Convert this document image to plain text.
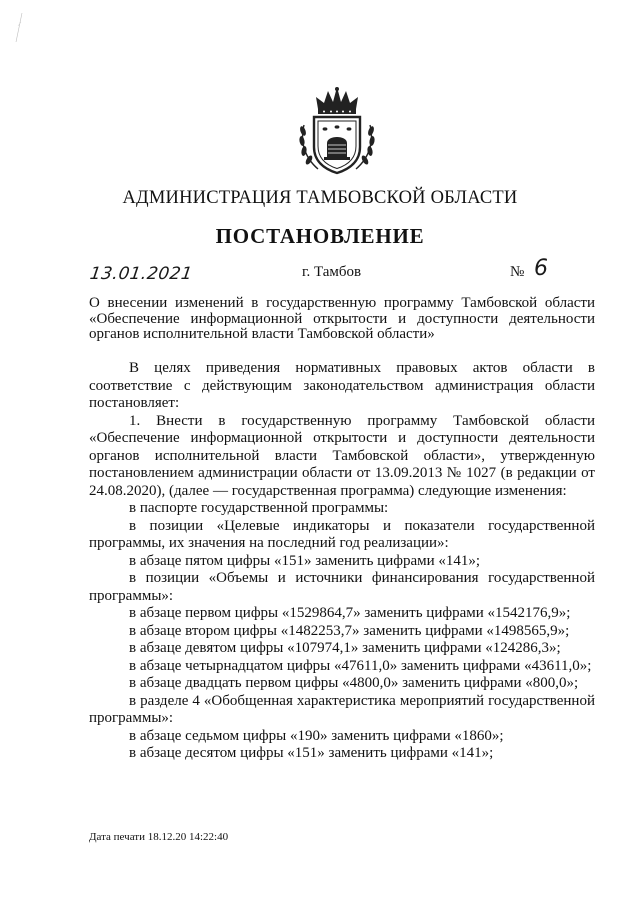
АДМИНИСТРАЦИЯ ТАМБОВСКОЙ ОБЛАСТИ
ПОСТАНОВЛЕНИЕ
13.01.2021	г. Тамбов	№ 6
О внесении изменений в государственную программу Тамбовской области «Обеспечение информационной открытости и доступности деятельности органов исполнительной власти Тамбовской области»

В целях приведения нормативных правовых актов области в соответствие с действующим законодательством администрация области постановляет:

1. Внести в государственную программу Тамбовской области «Обеспечение информационной открытости и доступности деятельности органов исполнительной власти Тамбовской области», утвержденную постановлением администрации области от 13.09.2013 № 1027 (в редакции от 24.08.2020), (далее — государственная программа) следующие изменения:

в паспорте государственной программы:

в позиции «Целевые индикаторы и показатели государственной программы, их значения на последний год реализации»:

в абзаце пятом цифры «151» заменить цифрами «141»;

в позиции «Объемы и источники финансирования государственной программы»:

в абзаце первом цифры «1529864,7» заменить цифрами «1542176,9»;

в абзаце втором цифры «1482253,7» заменить цифрами «1498565,9»;

в абзаце девятом цифры «107974,1» заменить цифрами «124286,3»;

в абзаце четырнадцатом цифры «47611,0» заменить цифрами «43611,0»;

в абзаце двадцать первом цифры «4800,0» заменить цифрами «800,0»;

в разделе 4 «Обобщенная характеристика мероприятий государственной программы»:

в абзаце седьмом цифры «190» заменить цифрами «1860»;

в абзаце десятом цифры «151» заменить цифрами «141»;

Дата печати 18.12.20 14:22:40
